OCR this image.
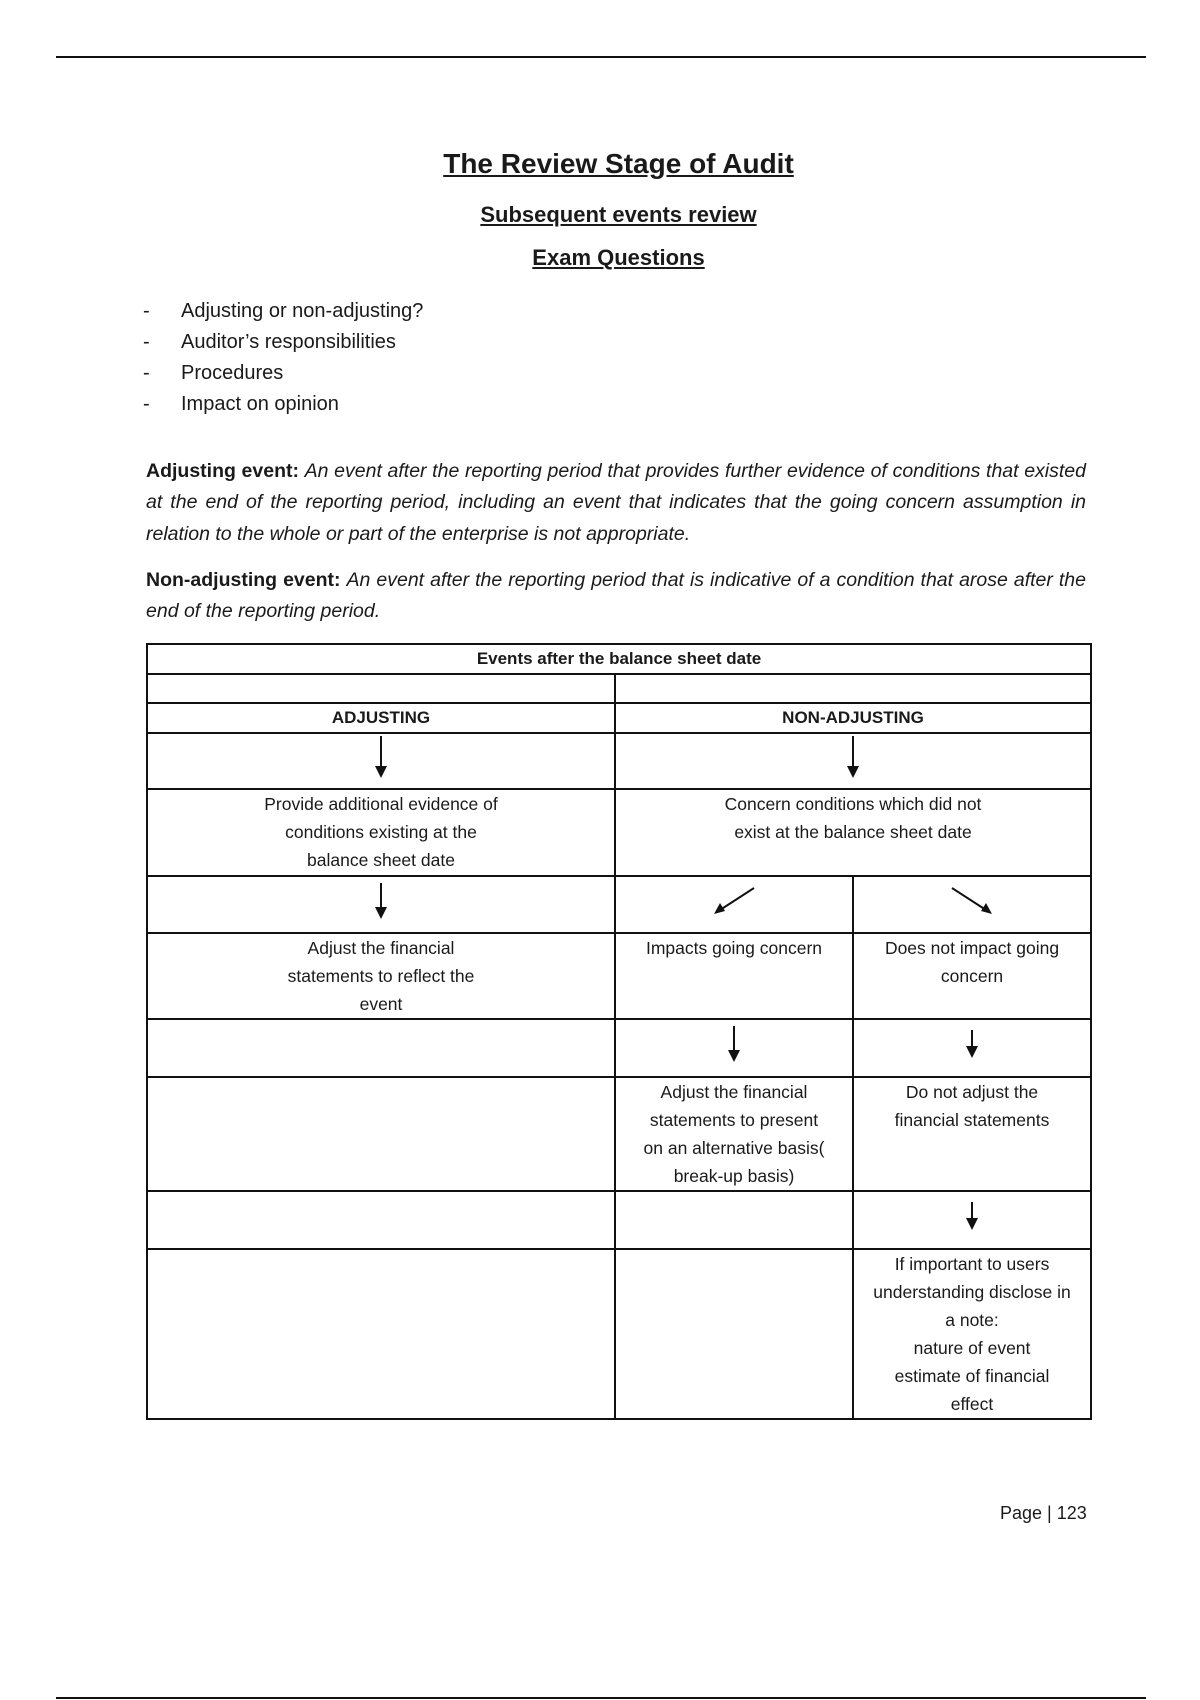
The Review Stage of Audit
Subsequent events review
Exam Questions
- Adjusting or non-adjusting?
- Auditor’s responsibilities
- Procedures
- Impact on opinion

Adjusting event: An event after the reporting period that provides further evidence of conditions that existed at the end of the reporting period, including an event that indicates that the going concern assumption in relation to the whole or part of the enterprise is not appropriate.

Non-adjusting event: An event after the reporting period that is indicative of a condition that arose after the end of the reporting period.

Events after the balance sheet date		

ADJUSTING	NON-ADJUSTING	

Provide additional evidence of conditions existing at the balance sheet date	Concern conditions which did not exist at the balance sheet date	

Adjust the financial statements to reflect the event	Impacts going concern	Does not impact going concern

	Adjust the financial statements to present on an alternative basis( break-up basis)	Do not adjust the financial statements

		If important to users understanding disclose in a note:
nature of event
estimate of financial effect
Page | 123
